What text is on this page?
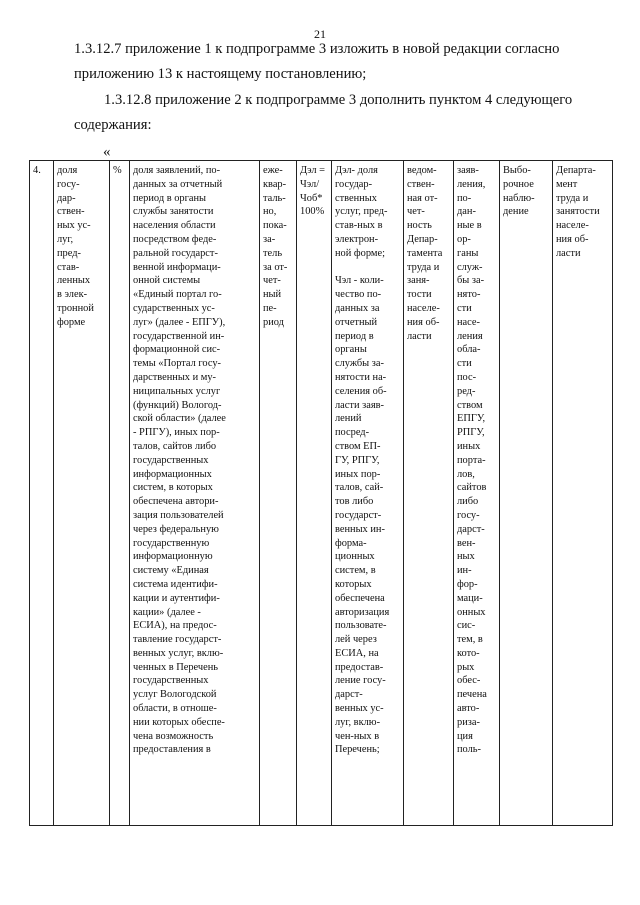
21

1.3.12.7 приложение 1 к подпрограмме 3 изложить в новой редакции согласно приложению 13 к настоящему постановлению;

1.3.12.8 приложение 2 к подпрограмме 3 дополнить пунктом 4 следующего содержания:

«
4.	доля
госу-
дар-
ствен-
ных ус-
луг,
пред-
став-
ленных
в элек-
тронной
форме	%	доля заявлений, по-
данных за отчетный
период в органы
службы занятости
населения области
посредством феде-
ральной государст-
венной информаци-
онной системы
«Единый портал го-
сударственных ус-
луг» (далее - ЕПГУ),
государственной ин-
формационной сис-
темы «Портал госу-
дарственных и му-
ниципальных услуг
(функций) Вологод-
ской области» (далее
- РПГУ), иных пор-
талов, сайтов либо
государственных
информационных
систем, в которых
обеспечена автори-
зация пользователей
через федеральную
государственную
информационную
систему «Единая
система идентифи-
кации и аутентифи-
кации» (далее -
ЕСИА), на предос-
тавление государст-
венных услуг, вклю-
ченных в Перечень
государственных
услуг Вологодской
области, в отноше-
нии которых обеспе-
чена возможность
предоставления в	еже-
квар-
таль-
но,
пока-
за-
тель
за от-
чет-
ный
пе-
риод	Дэл =
Чэл/
Чоб*
100%	Дэл- доля
государ-
ственных
услуг, пред-
став-ных в
электрон-
ной форме;

Чэл - коли-
чество по-
данных за
отчетный
период в
органы
службы за-
нятости на-
селения об-
ласти заяв-
лений
посред-
ством ЕП-
ГУ, РПГУ,
иных пор-
талов, сай-
тов либо
государст-
венных ин-
форма-
ционных
систем, в
которых
обеспечена
авторизация
пользовате-
лей через
ЕСИА, на
предостав-
ление госу-
дарст-
венных ус-
луг, вклю-
чен-ных в
Перечень;	ведом-
ствен-
ная от-
чет-
ность
Депар-
тамента
труда и
заня-
тости
населе-
ния об-
ласти	заяв-
ления,
по-
дан-
ные в
ор-
ганы
служ-
бы за-
нято-
сти
насе-
ления
обла-
сти
пос-
ред-
ством
ЕПГУ,
РПГУ,
иных
порта-
лов,
сайтов
либо
госу-
дарст-
вен-
ных
ин-
фор-
маци-
онных
сис-
тем, в
кото-
рых
обес-
печена
авто-
риза-
ция
поль-	Выбо-
рочное
наблю-
дение	Департа-
мент
труда и
занятости
населе-
ния об-
ласти
